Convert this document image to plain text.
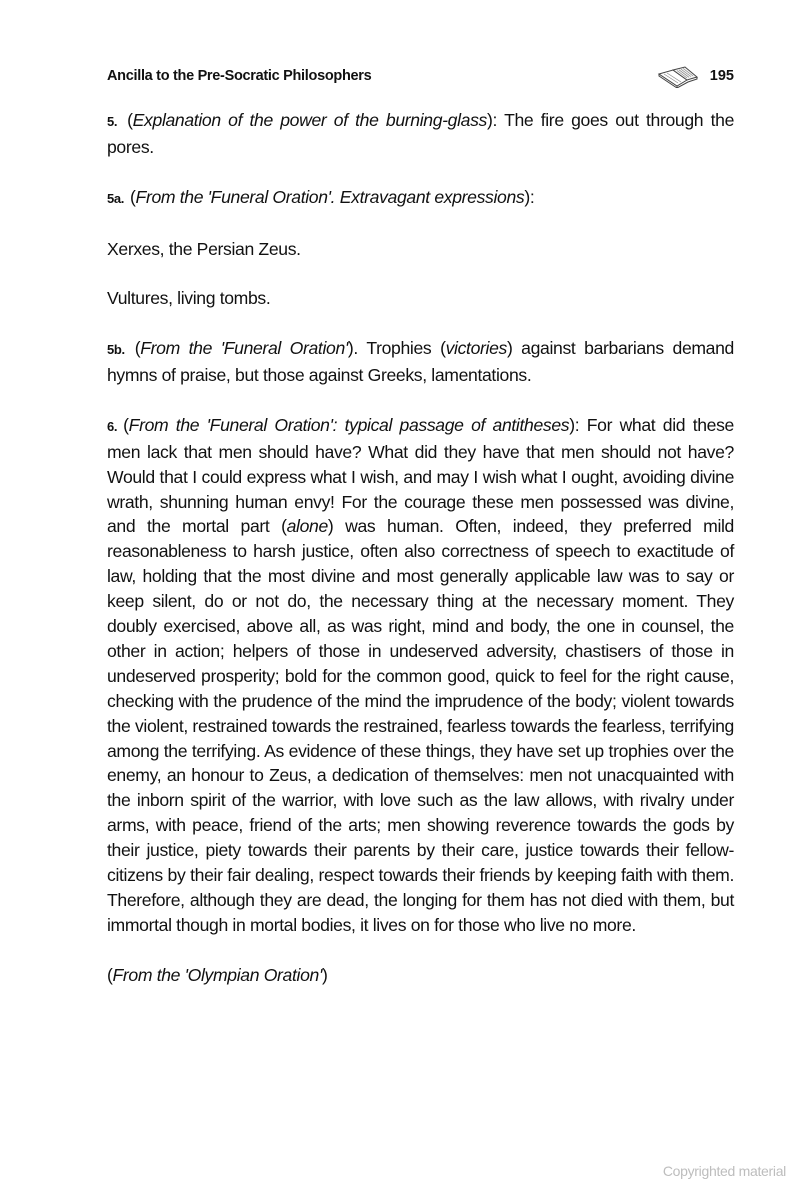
Ancilla to the Pre-Socratic Philosophers	195

5. (Explanation of the power of the burning-glass): The fire goes out through the pores.

5a. (From the 'Funeral Oration'. Extravagant expressions):

Xerxes, the Persian Zeus.

Vultures, living tombs.

5b. (From the 'Funeral Oration'). Trophies (victories) against barbarians demand hymns of praise, but those against Greeks, lamentations.

6. (From the 'Funeral Oration': typical passage of antitheses): For what did these men lack that men should have? What did they have that men should not have? Would that I could express what I wish, and may I wish what I ought, avoiding divine wrath, shunning human envy! For the courage these men possessed was divine, and the mortal part (alone) was human. Often, indeed, they preferred mild reasonableness to harsh justice, often also correctness of speech to exactitude of law, holding that the most divine and most generally applicable law was to say or keep silent, do or not do, the necessary thing at the necessary moment. They doubly exercised, above all, as was right, mind and body, the one in counsel, the other in action; helpers of those in undeserved adversity, chastisers of those in undeserved prosperity; bold for the common good, quick to feel for the right cause, checking with the prudence of the mind the imprudence of the body; violent towards the violent, restrained towards the restrained, fearless towards the fearless, terrifying among the terrifying. As evidence of these things, they have set up trophies over the enemy, an honour to Zeus, a dedication of themselves: men not unacquainted with the inborn spirit of the warrior, with love such as the law allows, with rivalry under arms, with peace, friend of the arts; men showing reverence towards the gods by their justice, piety towards their parents by their care, justice towards their fellow-citizens by their fair dealing, respect towards their friends by keeping faith with them. Therefore, although they are dead, the longing for them has not died with them, but immortal though in mortal bodies, it lives on for those who live no more.

(From the 'Olympian Oration')

Copyrighted material
